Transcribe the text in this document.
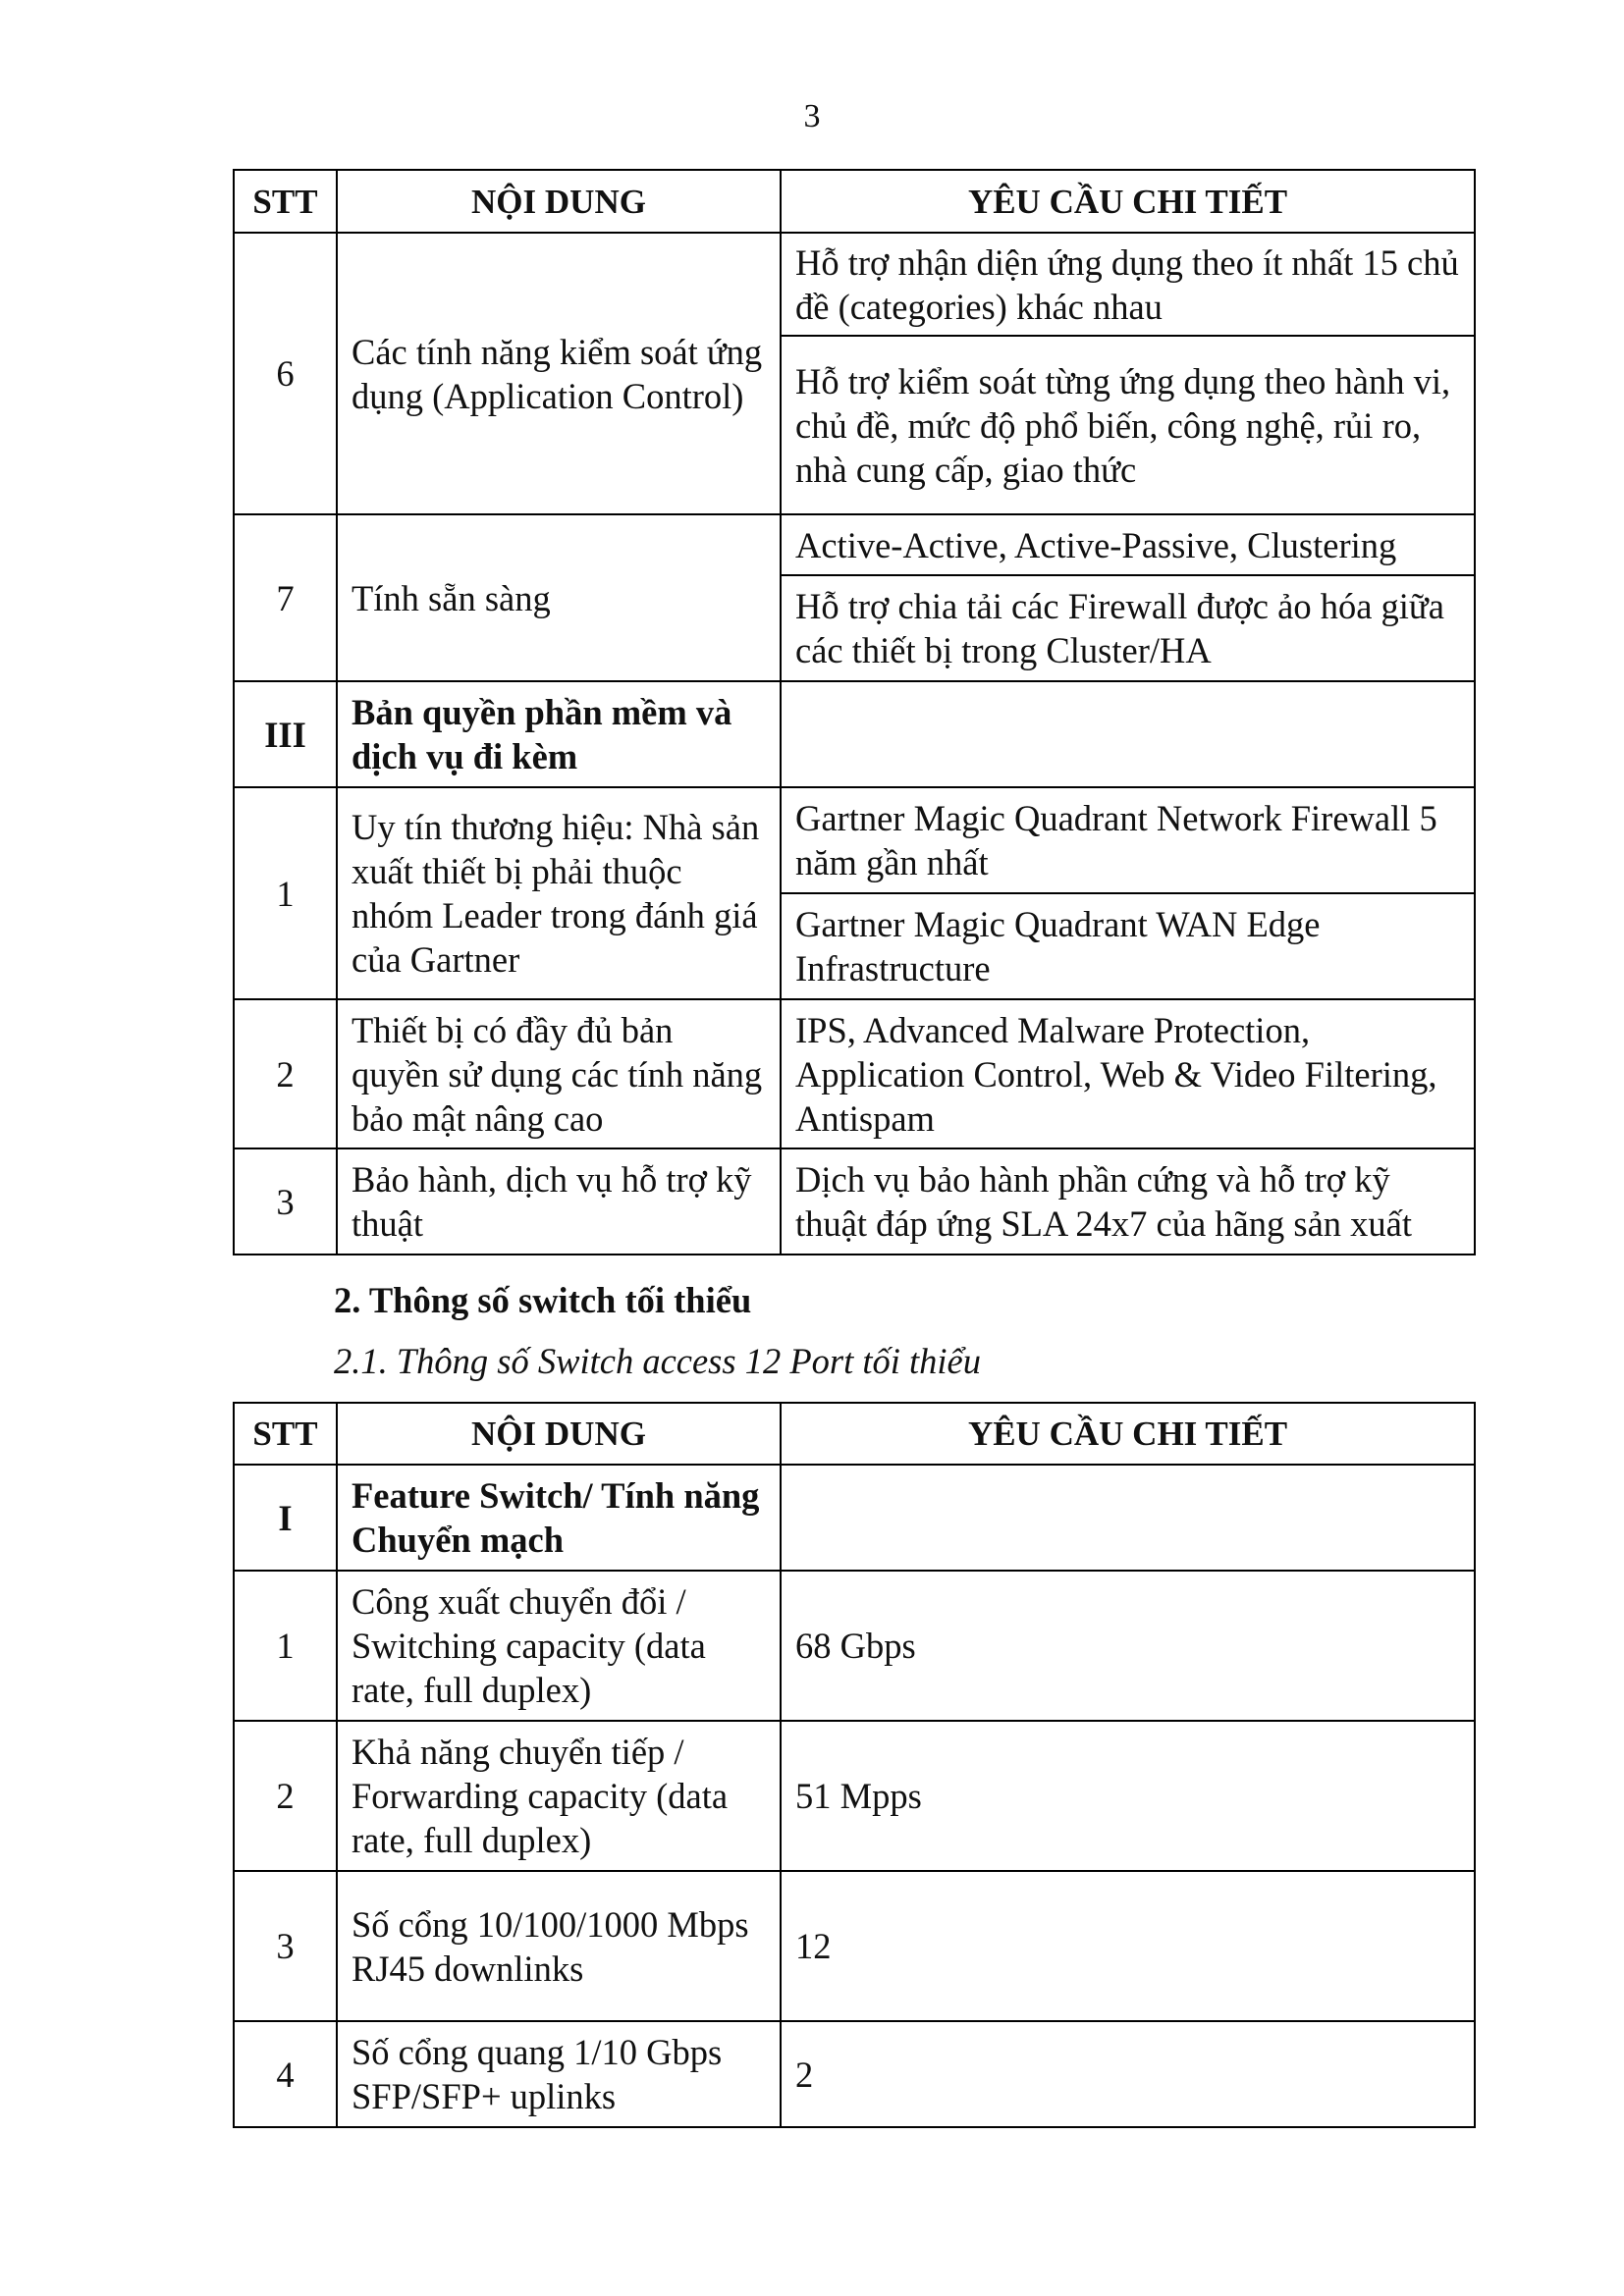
3
STT	NỘI DUNG	YÊU CẦU CHI TIẾT
6	Các tính năng kiểm soát ứng dụng (Application Control)	Hỗ trợ nhận diện ứng dụng theo ít nhất 15 chủ đề (categories) khác nhau
		Hỗ trợ kiểm soát từng ứng dụng theo hành vi, chủ đề, mức độ phổ biến, công nghệ, rủi ro, nhà cung cấp, giao thức
7	Tính sẵn sàng	Active-Active, Active-Passive, Clustering
		Hỗ trợ chia tải các Firewall được ảo hóa giữa các thiết bị trong Cluster/HA
III	Bản quyền phần mềm và dịch vụ đi kèm	
1	Uy tín thương hiệu: Nhà sản xuất thiết bị phải thuộc nhóm Leader trong đánh giá của Gartner	Gartner Magic Quadrant Network Firewall 5 năm gần nhất
		Gartner Magic Quadrant WAN Edge Infrastructure
2	Thiết bị có đầy đủ bản quyền sử dụng các tính năng bảo mật nâng cao	IPS, Advanced Malware Protection, Application Control, Web & Video Filtering, Antispam
3	Bảo hành, dịch vụ hỗ trợ kỹ thuật	Dịch vụ bảo hành phần cứng và hỗ trợ kỹ thuật đáp ứng SLA 24x7 của hãng sản xuất
2. Thông số switch tối thiểu
2.1. Thông số Switch access 12 Port tối thiểu
STT	NỘI DUNG	YÊU CẦU CHI TIẾT
I	Feature Switch/ Tính năng Chuyển mạch	
1	Công xuất chuyển đổi / Switching capacity (data rate, full duplex)	68 Gbps
2	Khả năng chuyển tiếp / Forwarding capacity (data rate, full duplex)	51 Mpps
3	Số cổng 10/100/1000 Mbps RJ45 downlinks	12
4	Số cổng quang 1/10 Gbps SFP/SFP+ uplinks	2
